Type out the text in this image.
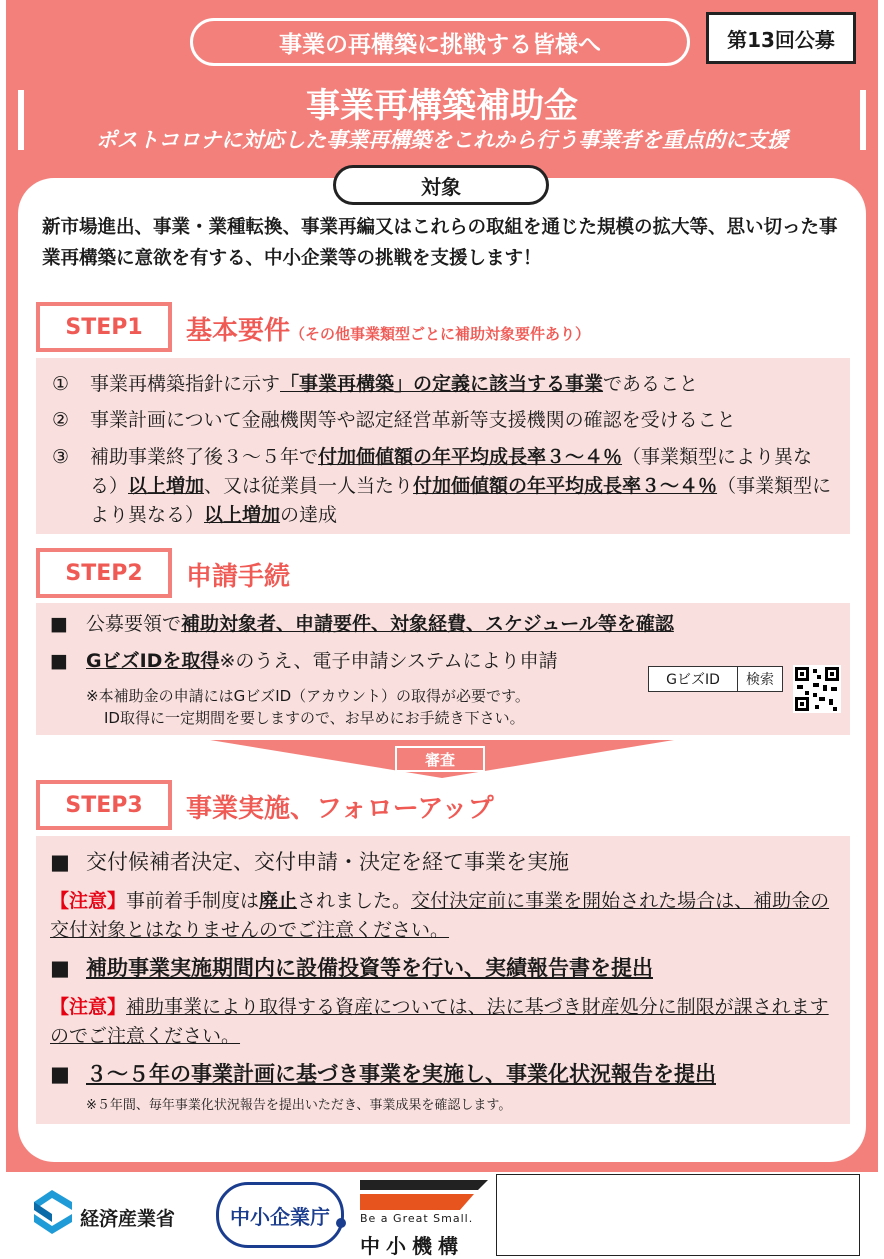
事業の再構築に挑戦する皆様へ	第13回公募
事業再構築補助金
ポストコロナに対応した事業再構築をこれから行う事業者を重点的に支援
対象
新市場進出、事業・業種転換、事業再編又はこれらの取組を通じた規模の拡大等、思い切った事業再構築に意欲を有する、中小企業等の挑戦を支援します！
STEP1	基本要件（その他事業類型ごとに補助対象要件あり）
① 事業再構築指針に示す「事業再構築」の定義に該当する事業であること
② 事業計画について金融機関等や認定経営革新等支援機関の確認を受けること
③	補助事業終了後３～５年で付加価値額の年平均成長率３～４％（事業類型により異なる）以上増加、又は従業員一人当たり付加価値額の年平均成長率３～４％（事業類型により異なる）以上増加の達成
STEP2	申請手続
■ 公募要領で補助対象者、申請要件、対象経費、スケジュール等を確認
■ GビズIDを取得※のうえ、電子申請システムにより申請
※本補助金の申請にはGビズID（アカウント）の取得が必要です。
ID取得に一定期間を要しますので、お早めにお手続き下さい。
GビズID	検索
審査
STEP3	事業実施、フォローアップ
■ 交付候補者決定、交付申請・決定を経て事業を実施
【注意】事前着手制度は廃止されました。交付決定前に事業を開始された場合は、補助金の交付対象とはなりませんのでご注意ください。
■ 補助事業実施期間内に設備投資等を行い、実績報告書を提出
【注意】補助事業により取得する資産については、法に基づき財産処分に制限が課されますのでご注意ください。
■ ３～５年の事業計画に基づき事業を実施し、事業化状況報告を提出
※５年間、毎年事業化状況報告を提出いただき、事業成果を確認します。
経済産業省	中小企業庁	Be a Great Small.
中小機構
